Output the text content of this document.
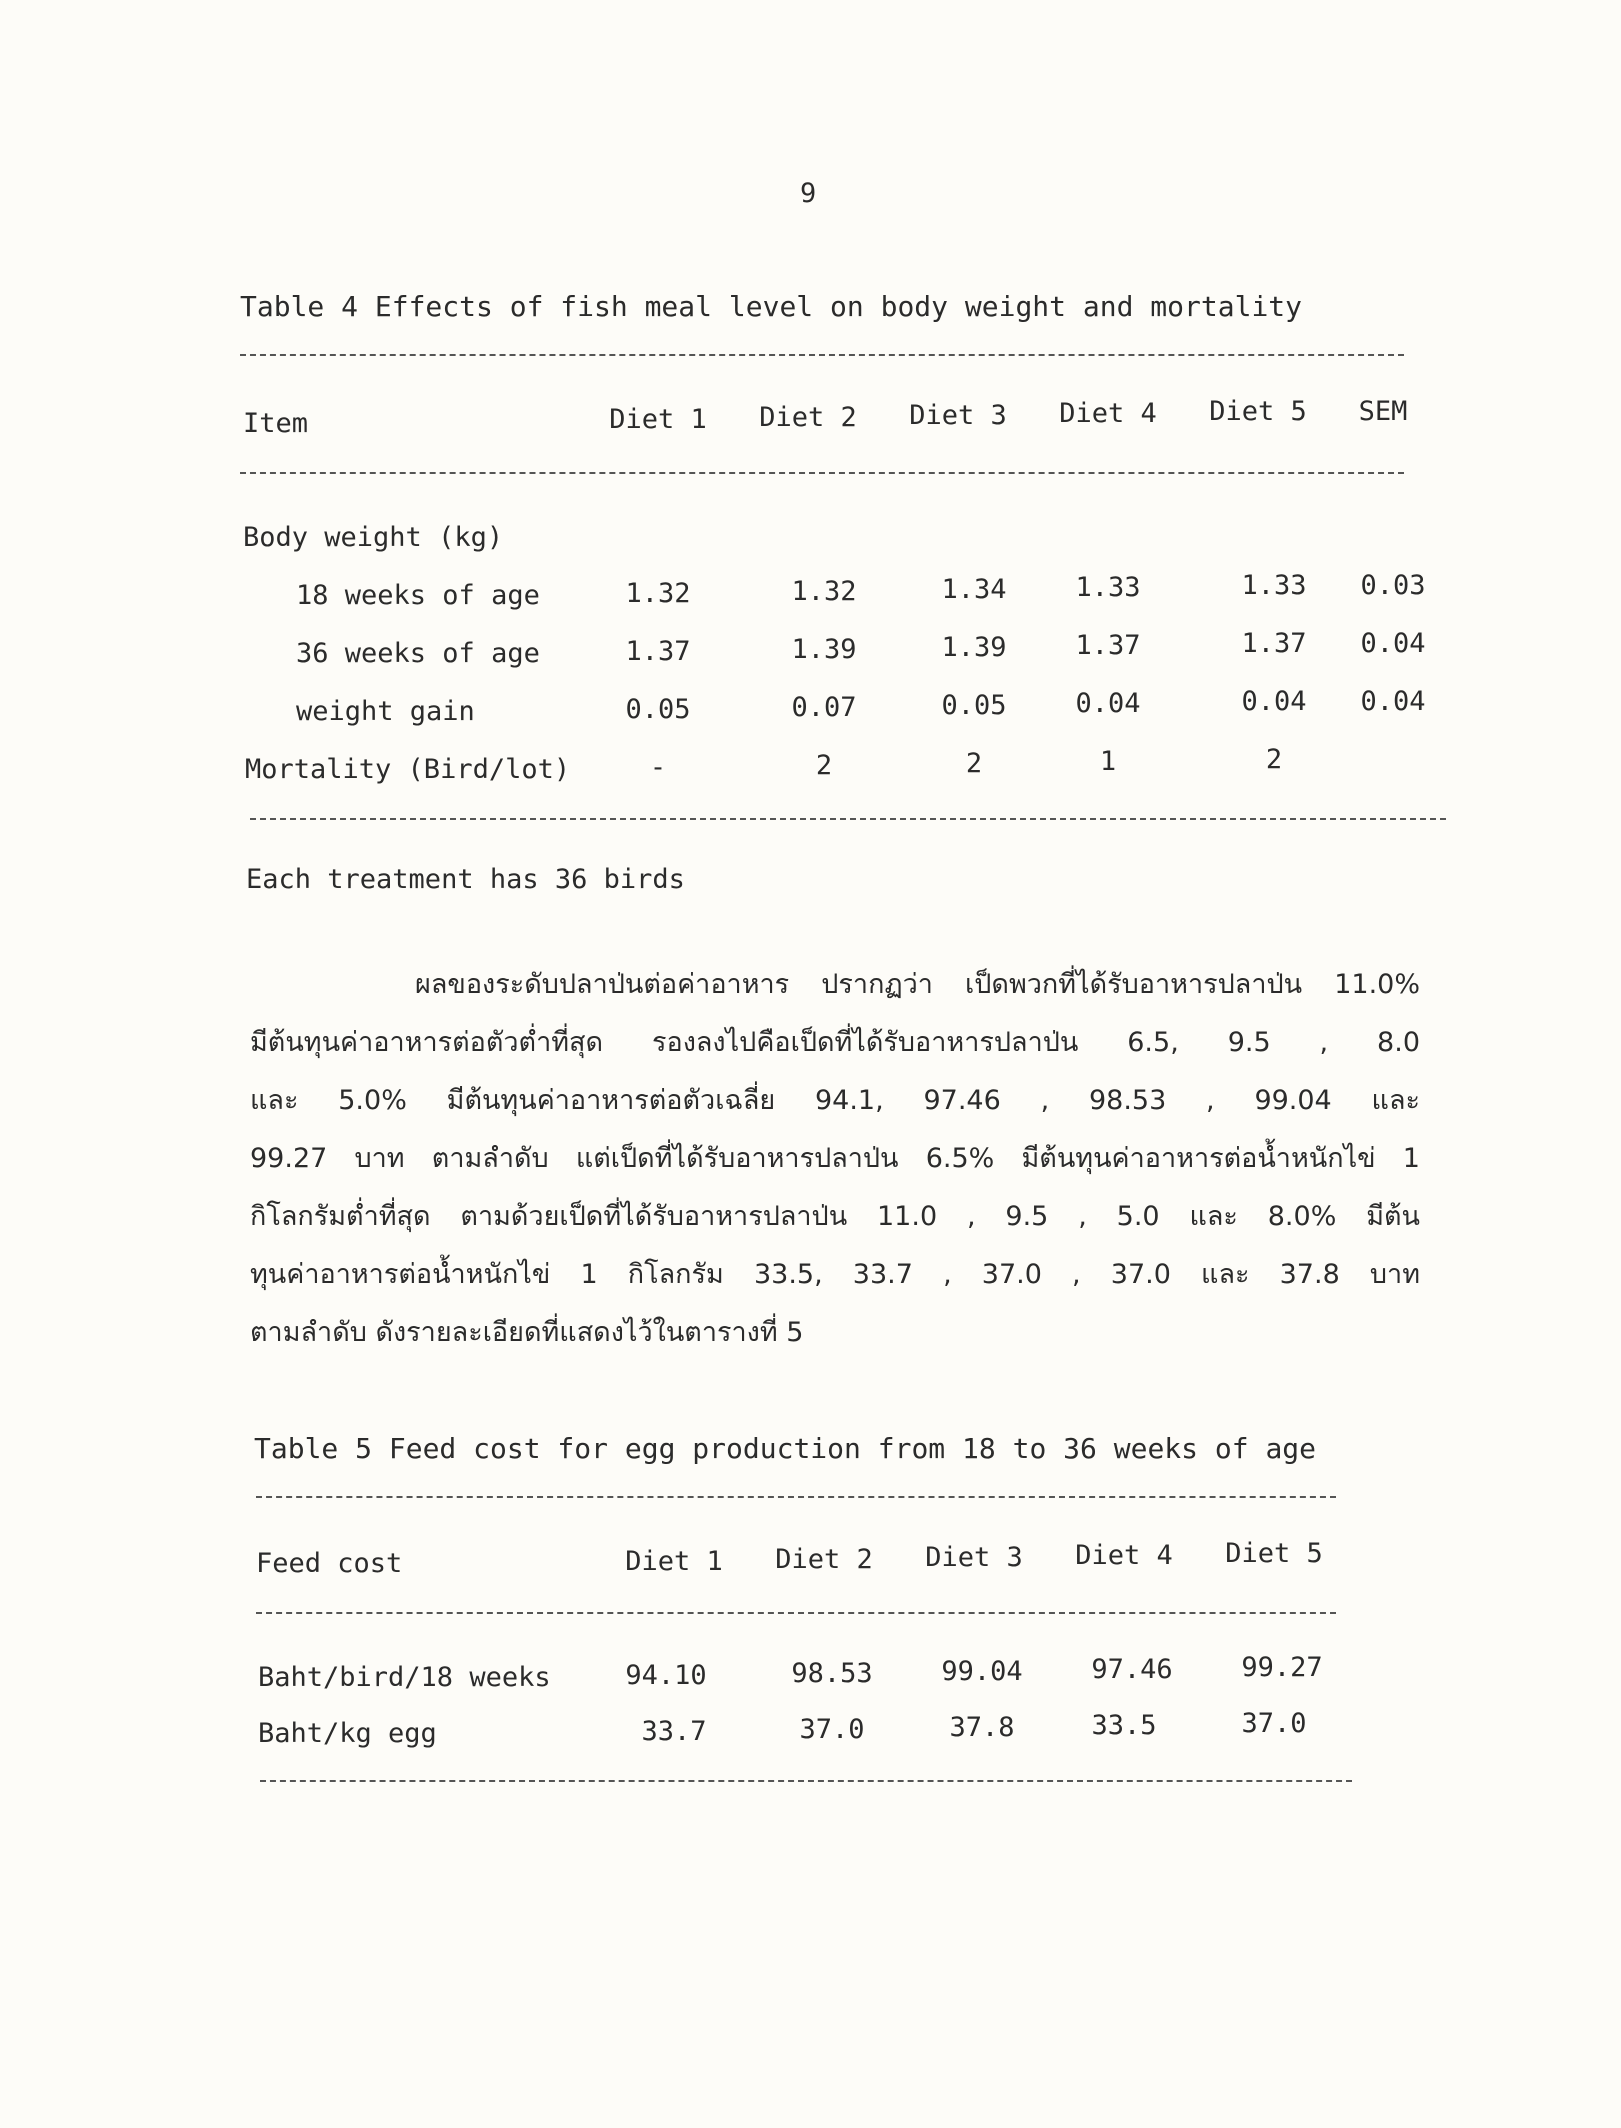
9
Table 4 Effects of fish meal level on body weight and mortality
Item	Diet 1	Diet 2	Diet 3	Diet 4	Diet 5	SEM
Body weight (kg)
18 weeks of age	1.32	1.32	1.34	1.33	1.33	0.03
36 weeks of age	1.37	1.39	1.39	1.37	1.37	0.04
weight gain	0.05	0.07	0.05	0.04	0.04	0.04
Mortality (Bird/lot)	-	2	2	1	2
Each treatment has 36 birds

ผลของระดับปลาป่นต่อค่าอาหาร ปรากฏว่า เป็ดพวกที่ได้รับอาหารปลาป่น 11.0%

มีต้นทุนค่าอาหารต่อตัวต่ำที่สุด รองลงไปคือเป็ดที่ได้รับอาหารปลาป่น 6.5, 9.5 , 8.0

และ 5.0% มีต้นทุนค่าอาหารต่อตัวเฉลี่ย 94.1, 97.46 , 98.53 , 99.04 และ

99.27 บาท ตามลำดับ แต่เป็ดที่ได้รับอาหารปลาป่น 6.5% มีต้นทุนค่าอาหารต่อน้ำหนักไข่ 1

กิโลกรัมต่ำที่สุด ตามด้วยเป็ดที่ได้รับอาหารปลาป่น 11.0 , 9.5 , 5.0 และ 8.0% มีต้น

ทุนค่าอาหารต่อน้ำหนักไข่ 1 กิโลกรัม 33.5, 33.7 , 37.0 , 37.0 และ 37.8 บาท

ตามลำดับ ดังรายละเอียดที่แสดงไว้ในตารางที่ 5

Table 5 Feed cost for egg production from 18 to 36 weeks of age
Feed cost	Diet 1	Diet 2	Diet 3	Diet 4	Diet 5
Baht/bird/18 weeks	94.10	98.53	99.04	97.46	99.27
Baht/kg egg	33.7	37.0	37.8	33.5	37.0
